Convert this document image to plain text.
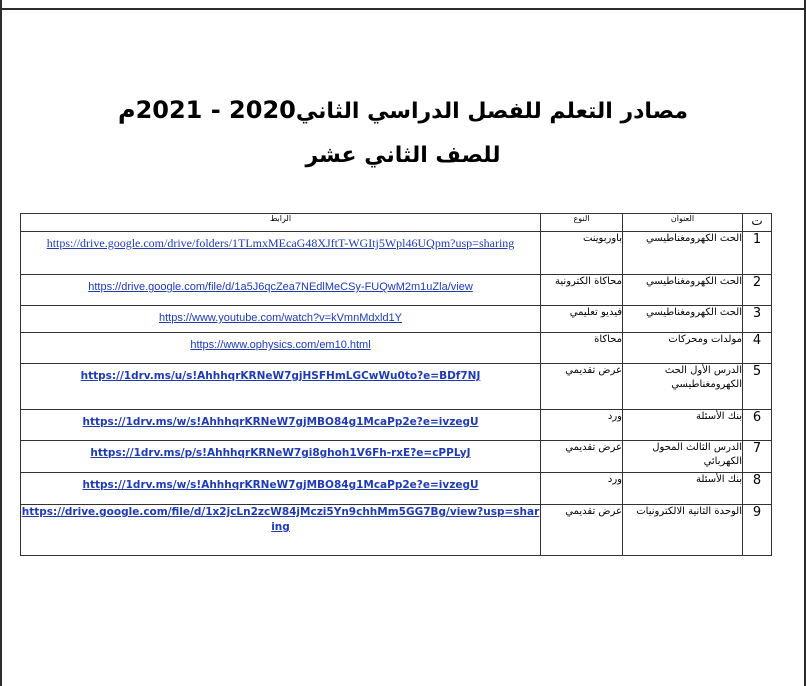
مصادر التعلم للفصل الدراسي الثاني2020 - 2021م
للصف الثاني عشر
الرابط	النوع	العنوان	ت
https://drive.google.com/drive/folders/1TLmxMEcaG48XJftT-WGItj5Wpl46UQpm?usp=sharing	باوربوينت	الحث الكهرومغناطيسي	1
https://drive.google.com/file/d/1a5J6qcZea7NEdlMeCSy-FUQwM2m1uZla/view	محاكاة الكترونية	الحث الكهرومغناطيسي	2
https://www.youtube.com/watch?v=kVmnMdxld1Y	فيديو تعليمي	الحث الكهرومغناطيسي	3
https://www.ophysics.com/em10.html	محاكاة	مولدات ومحركات	4
https://1drv.ms/u/s!AhhhqrKRNeW7gjHSFHmLGCwWu0to?e=BDf7NJ	عرض تقديمي	الدرس الأول الحث الكهرومغناطيسي	5
https://1drv.ms/w/s!AhhhqrKRNeW7gjMBO84g1McaPp2e?e=ivzegU	ورد	بنك الأسئلة	6
https://1drv.ms/p/s!AhhhqrKRNeW7gi8ghoh1V6Fh-rxE?e=cPPLyJ	عرض تقديمي	الدرس الثالث المحول الكهربائي	7
https://1drv.ms/w/s!AhhhqrKRNeW7gjMBO84g1McaPp2e?e=ivzegU	ورد	بنك الأسئلة	8
https://drive.google.com/file/d/1x2jcLn2zcW84jMczi5Yn9chhMm5GG7Bg/view?usp=sharing	عرض تقديمي	الوحدة الثانية الالكترونيات	9
